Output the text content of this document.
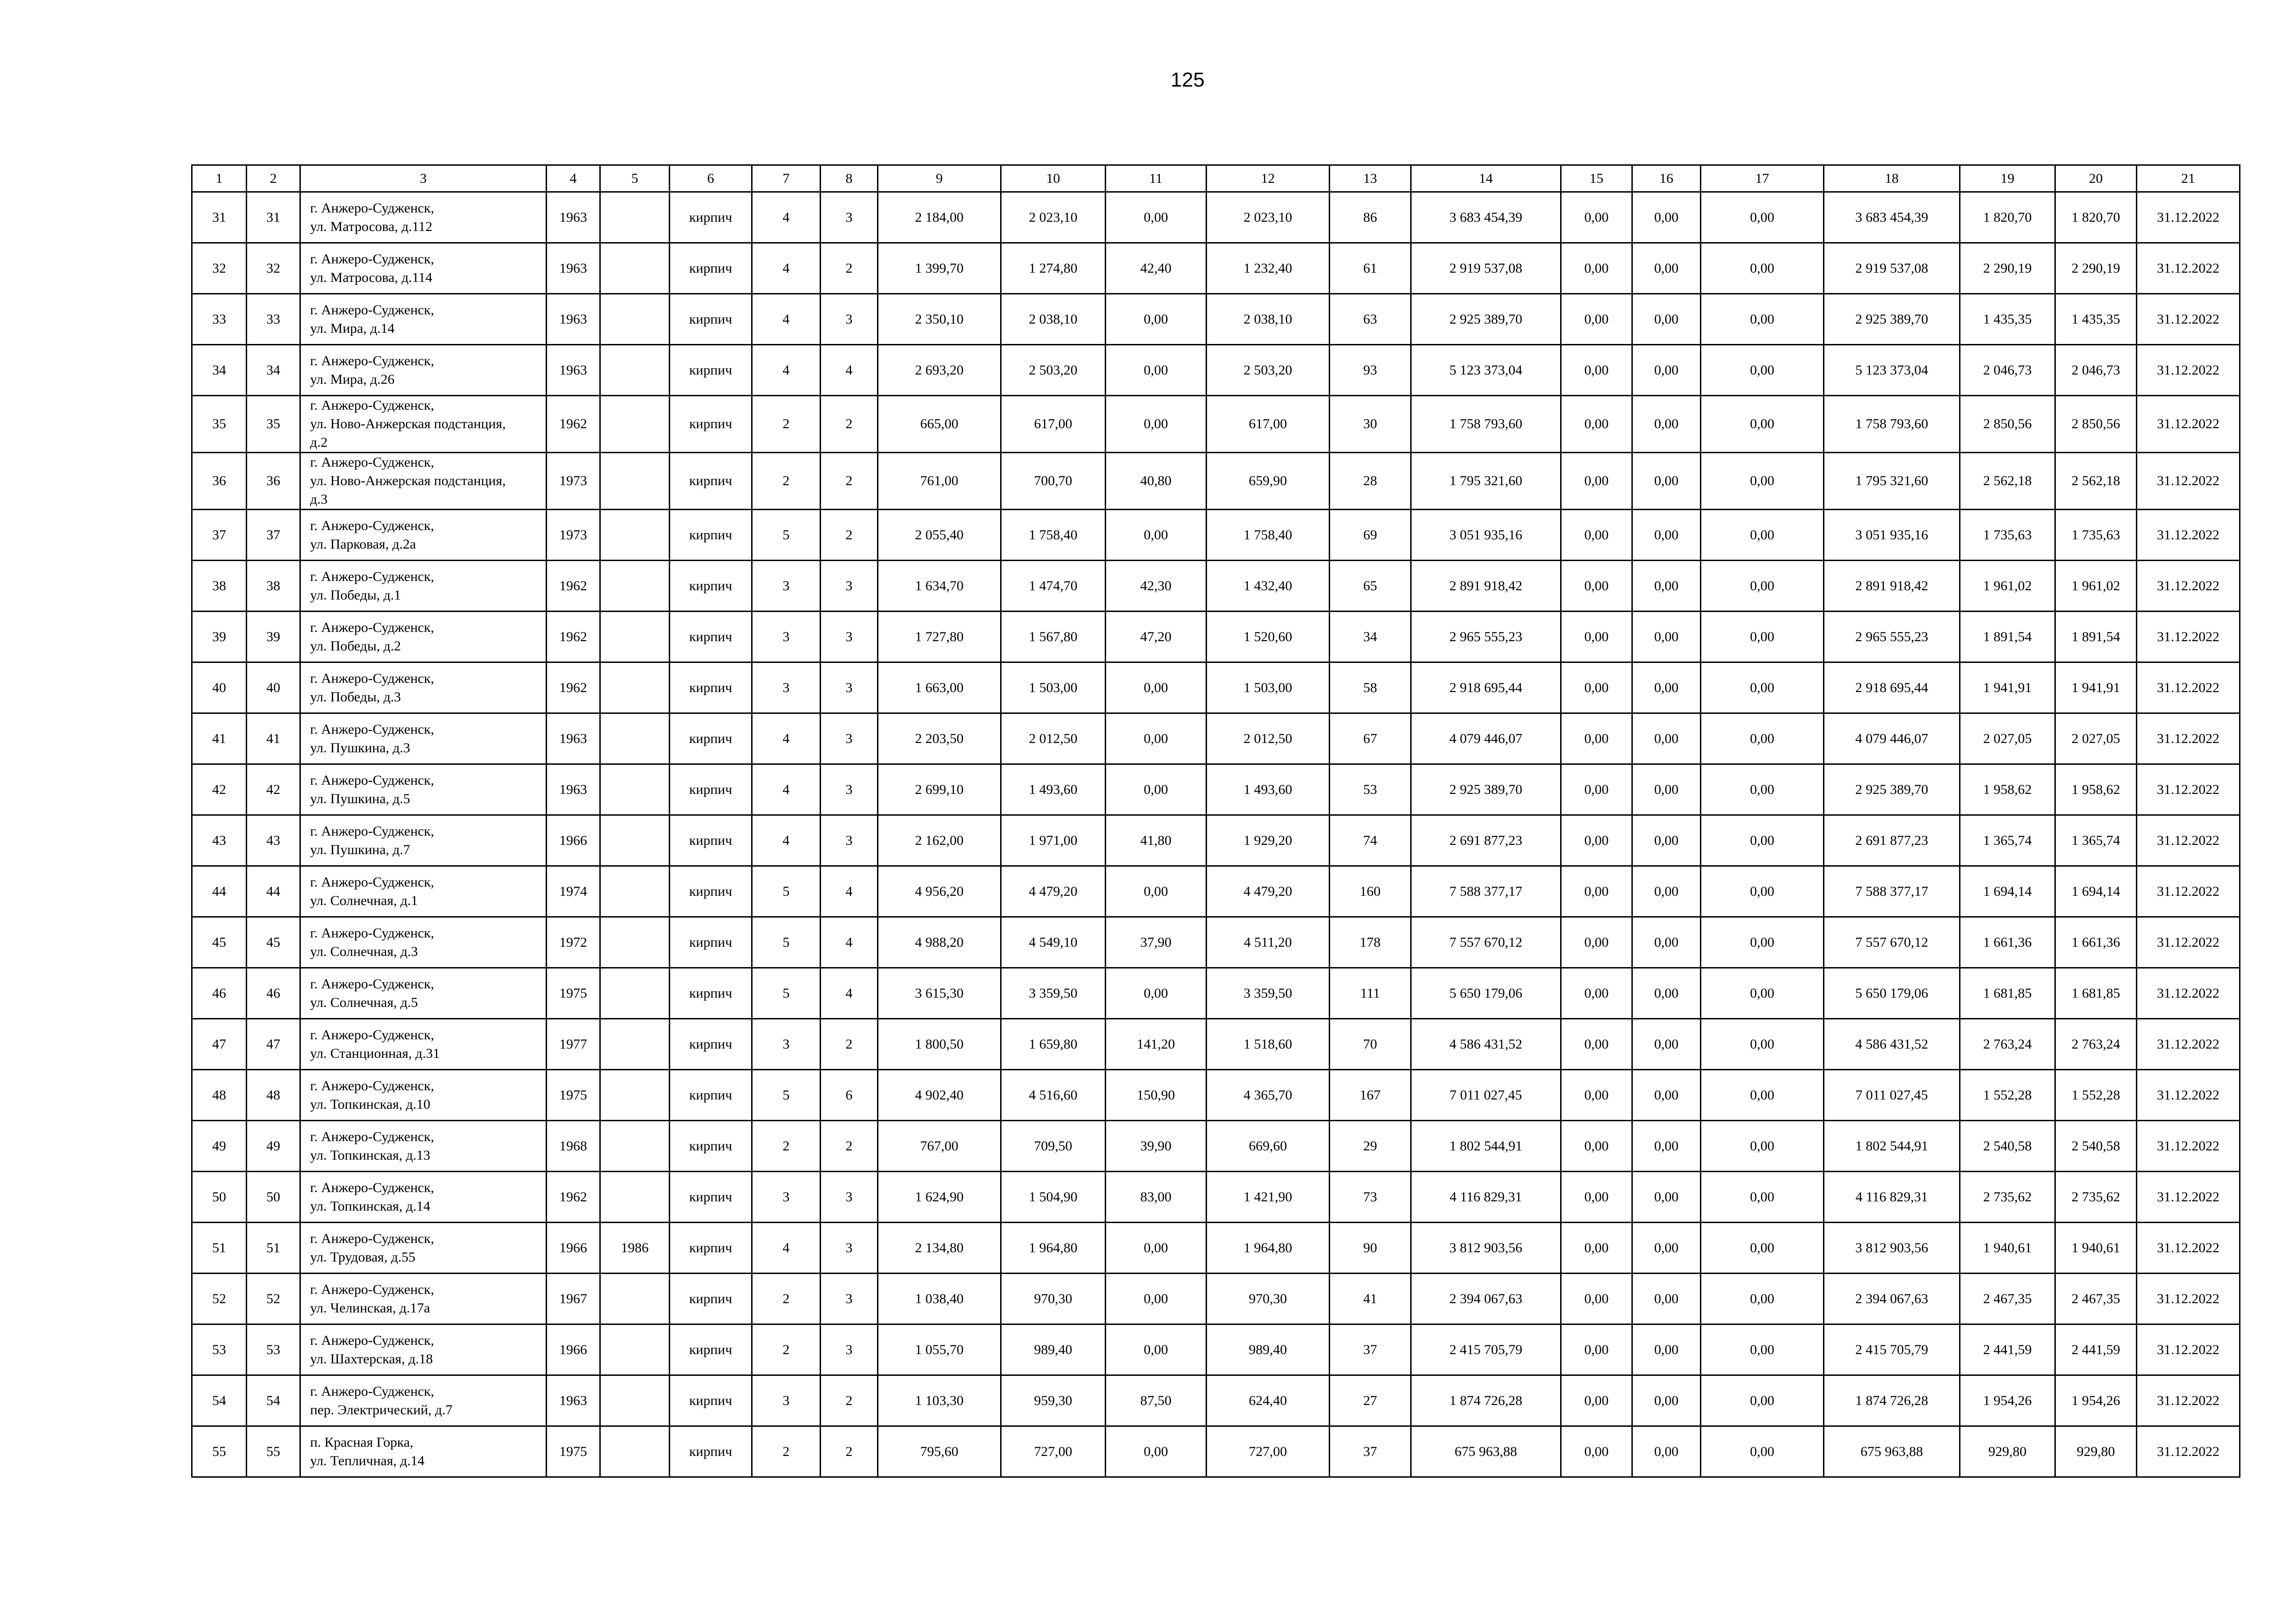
125
1	2	3	4	5	6	7	8	9	10	11	12	13	14	15	16	17	18	19	20	21
31	31	г. Анжеро-Судженск,
ул. Матросова, д.112	1963		кирпич	4	3	2 184,00	2 023,10	0,00	2 023,10	86	3 683 454,39	0,00	0,00	0,00	3 683 454,39	1 820,70	1 820,70	31.12.2022
32	32	г. Анжеро-Судженск,
ул. Матросова, д.114	1963		кирпич	4	2	1 399,70	1 274,80	42,40	1 232,40	61	2 919 537,08	0,00	0,00	0,00	2 919 537,08	2 290,19	2 290,19	31.12.2022
33	33	г. Анжеро-Судженск,
ул. Мира, д.14	1963		кирпич	4	3	2 350,10	2 038,10	0,00	2 038,10	63	2 925 389,70	0,00	0,00	0,00	2 925 389,70	1 435,35	1 435,35	31.12.2022
34	34	г. Анжеро-Судженск,
ул. Мира, д.26	1963		кирпич	4	4	2 693,20	2 503,20	0,00	2 503,20	93	5 123 373,04	0,00	0,00	0,00	5 123 373,04	2 046,73	2 046,73	31.12.2022
35	35	г. Анжеро-Судженск,
ул. Ново-Анжерская подстанция,
д.2	1962		кирпич	2	2	665,00	617,00	0,00	617,00	30	1 758 793,60	0,00	0,00	0,00	1 758 793,60	2 850,56	2 850,56	31.12.2022
36	36	г. Анжеро-Судженск,
ул. Ново-Анжерская подстанция,
д.3	1973		кирпич	2	2	761,00	700,70	40,80	659,90	28	1 795 321,60	0,00	0,00	0,00	1 795 321,60	2 562,18	2 562,18	31.12.2022
37	37	г. Анжеро-Судженск,
ул. Парковая, д.2а	1973		кирпич	5	2	2 055,40	1 758,40	0,00	1 758,40	69	3 051 935,16	0,00	0,00	0,00	3 051 935,16	1 735,63	1 735,63	31.12.2022
38	38	г. Анжеро-Судженск,
ул. Победы, д.1	1962		кирпич	3	3	1 634,70	1 474,70	42,30	1 432,40	65	2 891 918,42	0,00	0,00	0,00	2 891 918,42	1 961,02	1 961,02	31.12.2022
39	39	г. Анжеро-Судженск,
ул. Победы, д.2	1962		кирпич	3	3	1 727,80	1 567,80	47,20	1 520,60	34	2 965 555,23	0,00	0,00	0,00	2 965 555,23	1 891,54	1 891,54	31.12.2022
40	40	г. Анжеро-Судженск,
ул. Победы, д.3	1962		кирпич	3	3	1 663,00	1 503,00	0,00	1 503,00	58	2 918 695,44	0,00	0,00	0,00	2 918 695,44	1 941,91	1 941,91	31.12.2022
41	41	г. Анжеро-Судженск,
ул. Пушкина, д.3	1963		кирпич	4	3	2 203,50	2 012,50	0,00	2 012,50	67	4 079 446,07	0,00	0,00	0,00	4 079 446,07	2 027,05	2 027,05	31.12.2022
42	42	г. Анжеро-Судженск,
ул. Пушкина, д.5	1963		кирпич	4	3	2 699,10	1 493,60	0,00	1 493,60	53	2 925 389,70	0,00	0,00	0,00	2 925 389,70	1 958,62	1 958,62	31.12.2022
43	43	г. Анжеро-Судженск,
ул. Пушкина, д.7	1966		кирпич	4	3	2 162,00	1 971,00	41,80	1 929,20	74	2 691 877,23	0,00	0,00	0,00	2 691 877,23	1 365,74	1 365,74	31.12.2022
44	44	г. Анжеро-Судженск,
ул. Солнечная, д.1	1974		кирпич	5	4	4 956,20	4 479,20	0,00	4 479,20	160	7 588 377,17	0,00	0,00	0,00	7 588 377,17	1 694,14	1 694,14	31.12.2022
45	45	г. Анжеро-Судженск,
ул. Солнечная, д.3	1972		кирпич	5	4	4 988,20	4 549,10	37,90	4 511,20	178	7 557 670,12	0,00	0,00	0,00	7 557 670,12	1 661,36	1 661,36	31.12.2022
46	46	г. Анжеро-Судженск,
ул. Солнечная, д.5	1975		кирпич	5	4	3 615,30	3 359,50	0,00	3 359,50	111	5 650 179,06	0,00	0,00	0,00	5 650 179,06	1 681,85	1 681,85	31.12.2022
47	47	г. Анжеро-Судженск,
ул. Станционная, д.31	1977		кирпич	3	2	1 800,50	1 659,80	141,20	1 518,60	70	4 586 431,52	0,00	0,00	0,00	4 586 431,52	2 763,24	2 763,24	31.12.2022
48	48	г. Анжеро-Судженск,
ул. Топкинская, д.10	1975		кирпич	5	6	4 902,40	4 516,60	150,90	4 365,70	167	7 011 027,45	0,00	0,00	0,00	7 011 027,45	1 552,28	1 552,28	31.12.2022
49	49	г. Анжеро-Судженск,
ул. Топкинская, д.13	1968		кирпич	2	2	767,00	709,50	39,90	669,60	29	1 802 544,91	0,00	0,00	0,00	1 802 544,91	2 540,58	2 540,58	31.12.2022
50	50	г. Анжеро-Судженск,
ул. Топкинская, д.14	1962		кирпич	3	3	1 624,90	1 504,90	83,00	1 421,90	73	4 116 829,31	0,00	0,00	0,00	4 116 829,31	2 735,62	2 735,62	31.12.2022
51	51	г. Анжеро-Судженск,
ул. Трудовая, д.55	1966	1986	кирпич	4	3	2 134,80	1 964,80	0,00	1 964,80	90	3 812 903,56	0,00	0,00	0,00	3 812 903,56	1 940,61	1 940,61	31.12.2022
52	52	г. Анжеро-Судженск,
ул. Челинская, д.17а	1967		кирпич	2	3	1 038,40	970,30	0,00	970,30	41	2 394 067,63	0,00	0,00	0,00	2 394 067,63	2 467,35	2 467,35	31.12.2022
53	53	г. Анжеро-Судженск,
ул. Шахтерская, д.18	1966		кирпич	2	3	1 055,70	989,40	0,00	989,40	37	2 415 705,79	0,00	0,00	0,00	2 415 705,79	2 441,59	2 441,59	31.12.2022
54	54	г. Анжеро-Судженск,
пер. Электрический, д.7	1963		кирпич	3	2	1 103,30	959,30	87,50	624,40	27	1 874 726,28	0,00	0,00	0,00	1 874 726,28	1 954,26	1 954,26	31.12.2022
55	55	п. Красная Горка,
ул. Тепличная, д.14	1975		кирпич	2	2	795,60	727,00	0,00	727,00	37	675 963,88	0,00	0,00	0,00	675 963,88	929,80	929,80	31.12.2022
